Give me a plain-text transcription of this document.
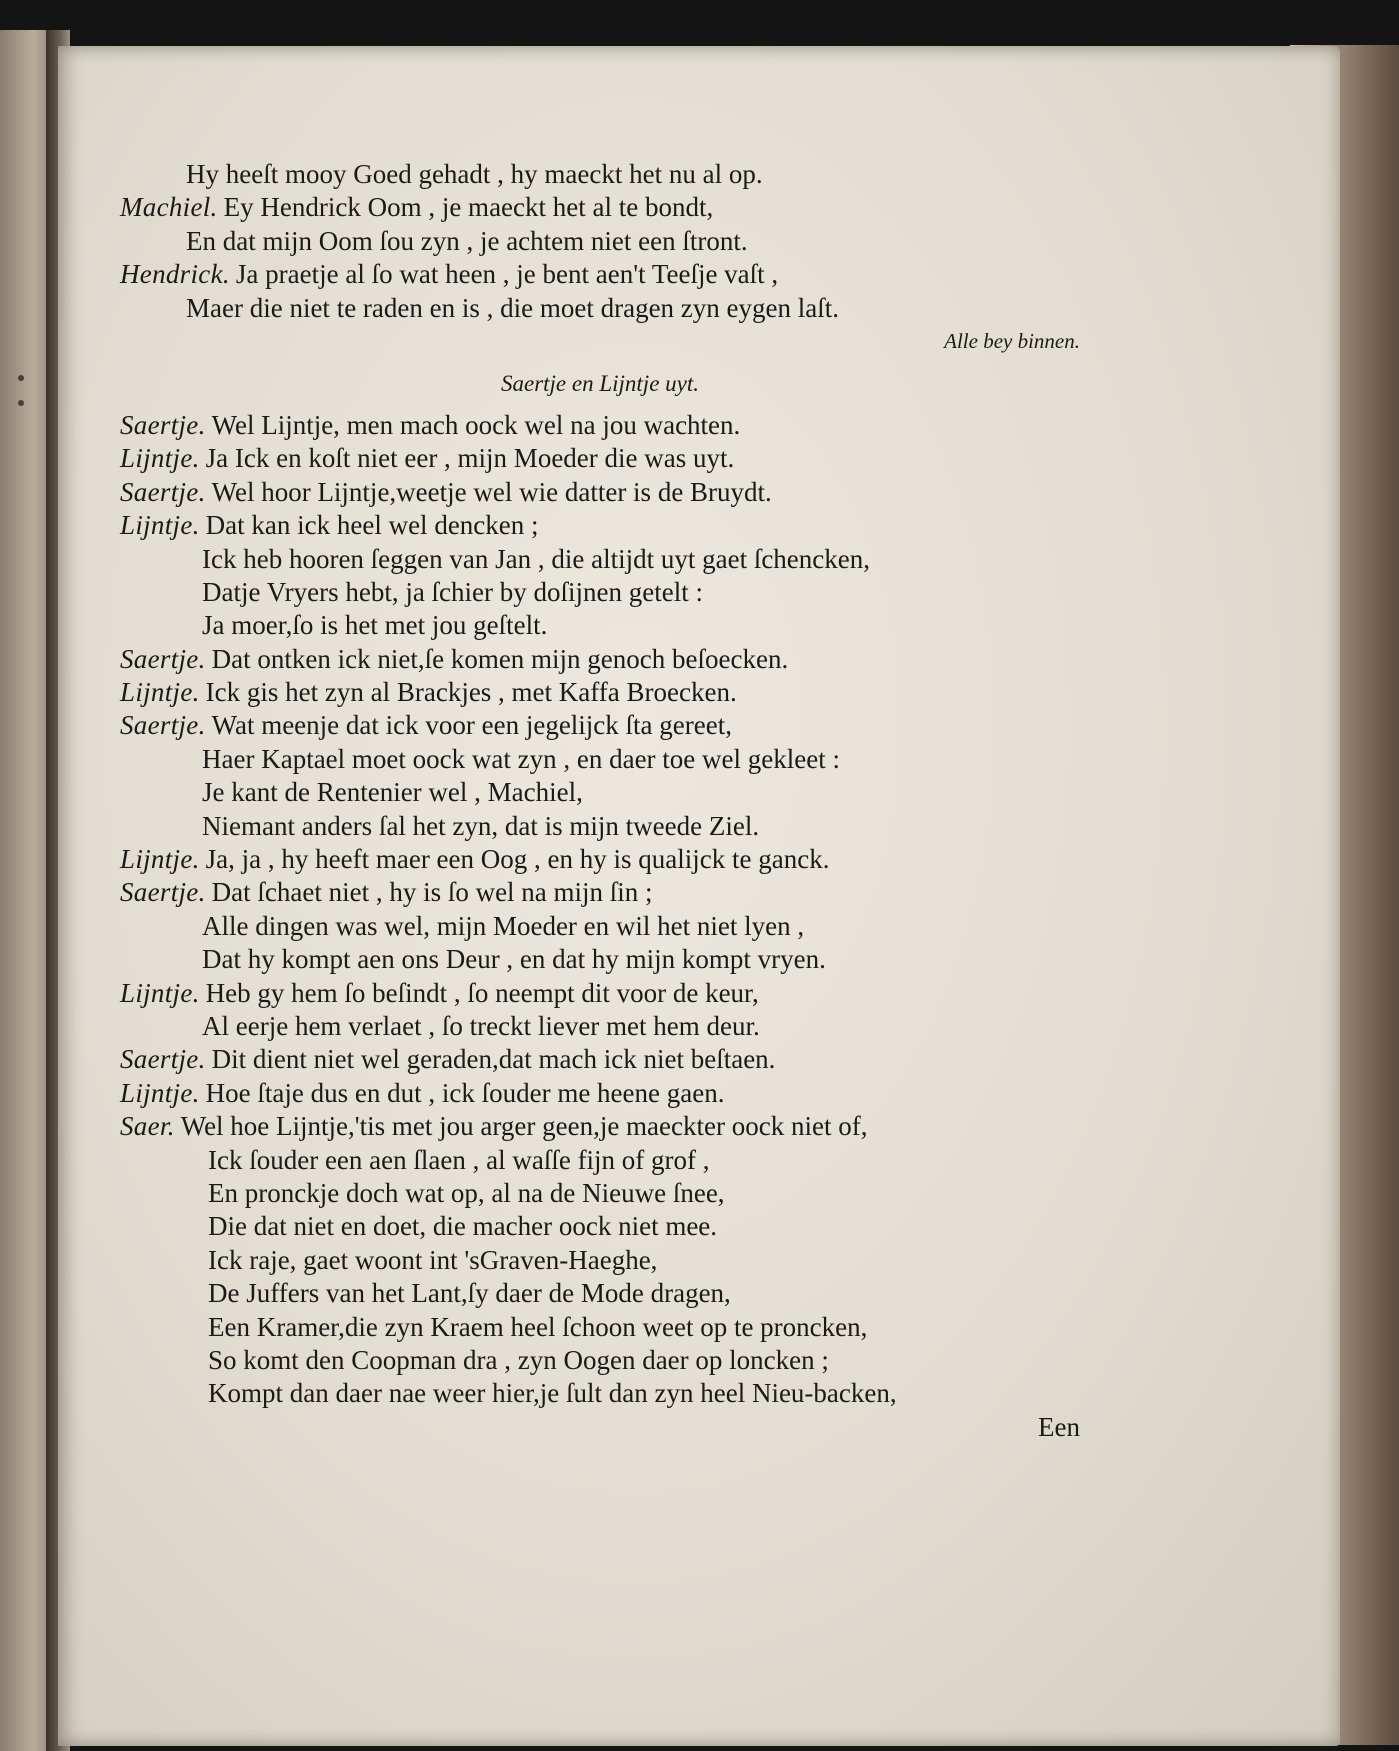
Hy heeſt mooy Goed gehadt , hy maeckt het nu al op.
Machiel. Ey Hendrick Oom , je maeckt het al te bondt,
En dat mijn Oom ſou zyn , je achtem niet een ſtront.
Hendrick. Ja praetje al ſo wat heen , je bent aen't Teeſje vaſt ,
Maer die niet te raden en is , die moet dragen zyn eygen laſt.
Alle bey binnen.
Saertje en Lijntje uyt.
Saertje. Wel Lijntje, men mach oock wel na jou wachten.
Lijntje. Ja Ick en koſt niet eer , mijn Moeder die was uyt.
Saertje. Wel hoor Lijntje,weetje wel wie datter is de Bruydt.
Lijntje. Dat kan ick heel wel dencken ;
Ick heb hooren ſeggen van Jan , die altijdt uyt gaet ſchencken,
Datje Vryers hebt, ja ſchier by doſijnen getelt :
Ja moer,ſo is het met jou geſtelt.
Saertje. Dat ontken ick niet,ſe komen mijn genoch beſoecken.
Lijntje. Ick gis het zyn al Brackjes , met Kaffa Broecken.
Saertje. Wat meenje dat ick voor een jegelijck ſta gereet,
Haer Kaptael moet oock wat zyn , en daer toe wel gekleet :
Je kant de Rentenier wel , Machiel,
Niemant anders ſal het zyn, dat is mijn tweede Ziel.
Lijntje. Ja, ja , hy heeft maer een Oog , en hy is qualijck te ganck.
Saertje. Dat ſchaet niet , hy is ſo wel na mijn ſin ;
Alle dingen was wel, mijn Moeder en wil het niet lyen ,
Dat hy kompt aen ons Deur , en dat hy mijn kompt vryen.
Lijntje. Heb gy hem ſo beſindt , ſo neempt dit voor de keur,
Al eerje hem verlaet , ſo treckt liever met hem deur.
Saertje. Dit dient niet wel geraden,dat mach ick niet beſtaen.
Lijntje. Hoe ſtaje dus en dut , ick ſouder me heene gaen.
Saer. Wel hoe Lijntje,'tis met jou arger geen,je maeckter oock niet of,
Ick ſouder een aen ſlaen , al waſſe fijn of grof ,
En pronckje doch wat op, al na de Nieuwe ſnee,
Die dat niet en doet, die macher oock niet mee.
Ick raje, gaet woont int 'sGraven-Haeghe,
De Juffers van het Lant,ſy daer de Mode dragen,
Een Kramer,die zyn Kraem heel ſchoon weet op te proncken,
So komt den Coopman dra , zyn Oogen daer op loncken ;
Kompt dan daer nae weer hier,je ſult dan zyn heel Nieu-backen,
Een
